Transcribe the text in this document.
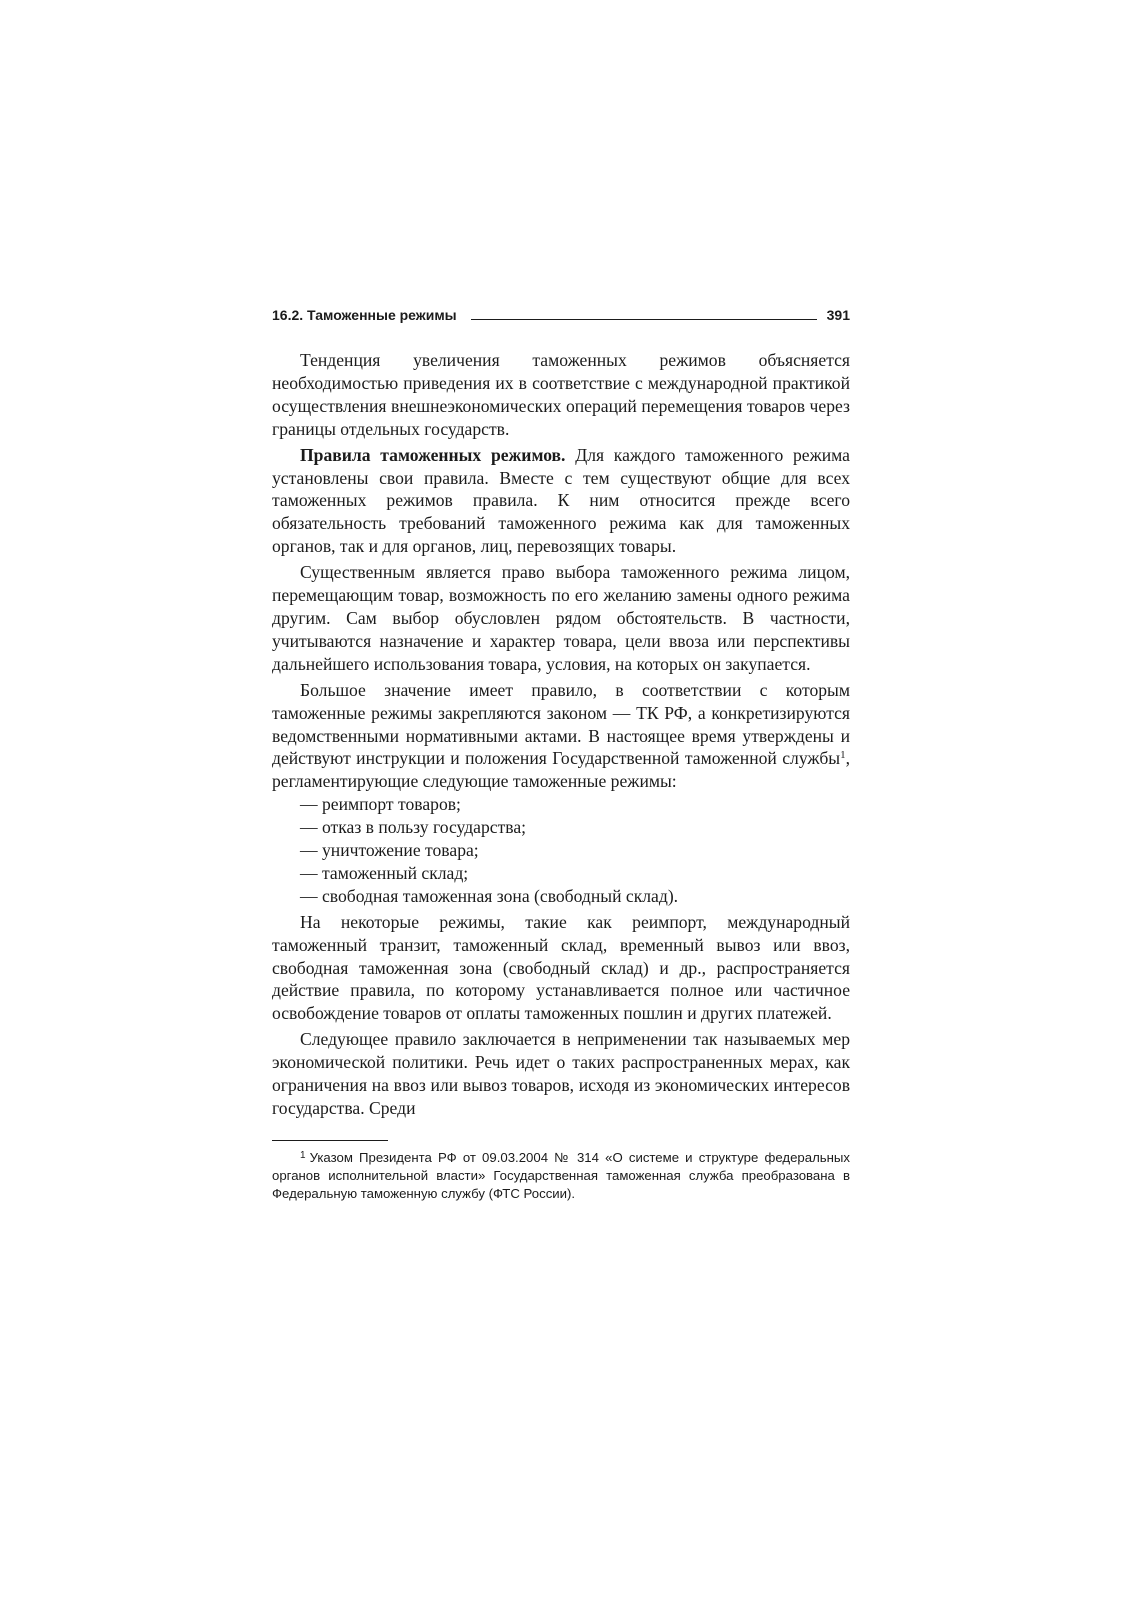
16.2. Таможенные режимы	391

Тенденция увеличения таможенных режимов объясняется необходимостью приведения их в соответствие с международной практикой осуществления внешнеэкономических операций перемещения товаров через границы отдельных государств.

Правила таможенных режимов. Для каждого таможенного режима установлены свои правила. Вместе с тем существуют общие для всех таможенных режимов правила. К ним относится прежде всего обязательность требований таможенного режима как для таможенных органов, так и для органов, лиц, перевозящих товары.

Существенным является право выбора таможенного режима лицом, перемещающим товар, возможность по его желанию замены одного режима другим. Сам выбор обусловлен рядом обстоятельств. В частности, учитываются назначение и характер товара, цели ввоза или перспективы дальнейшего использования товара, условия, на которых он закупается.

Большое значение имеет правило, в соответствии с которым таможенные режимы закрепляются законом — ТК РФ, а конкретизируются ведомственными нормативными актами. В настоящее время утверждены и действуют инструкции и положения Государственной таможенной службы$^1$, регламентирующие следующие таможенные режимы:

— реимпорт товаров;
— отказ в пользу государства;
— уничтожение товара;
— таможенный склад;
— свободная таможенная зона (свободный склад).

На некоторые режимы, такие как реимпорт, международный таможенный транзит, таможенный склад, временный вывоз или ввоз, свободная таможенная зона (свободный склад) и др., распространяется действие правила, по которому устанавливается полное или частичное освобождение товаров от оплаты таможенных пошлин и других платежей.

Следующее правило заключается в неприменении так называемых мер экономической политики. Речь идет о таких распространенных мерах, как ограничения на ввоз или вывоз товаров, исходя из экономических интересов государства. Среди

$^1$ Указом Президента РФ от 09.03.2004 № 314 «О системе и структуре федеральных органов исполнительной власти» Государственная таможенная служба преобразована в Федеральную таможенную службу (ФТС России).
